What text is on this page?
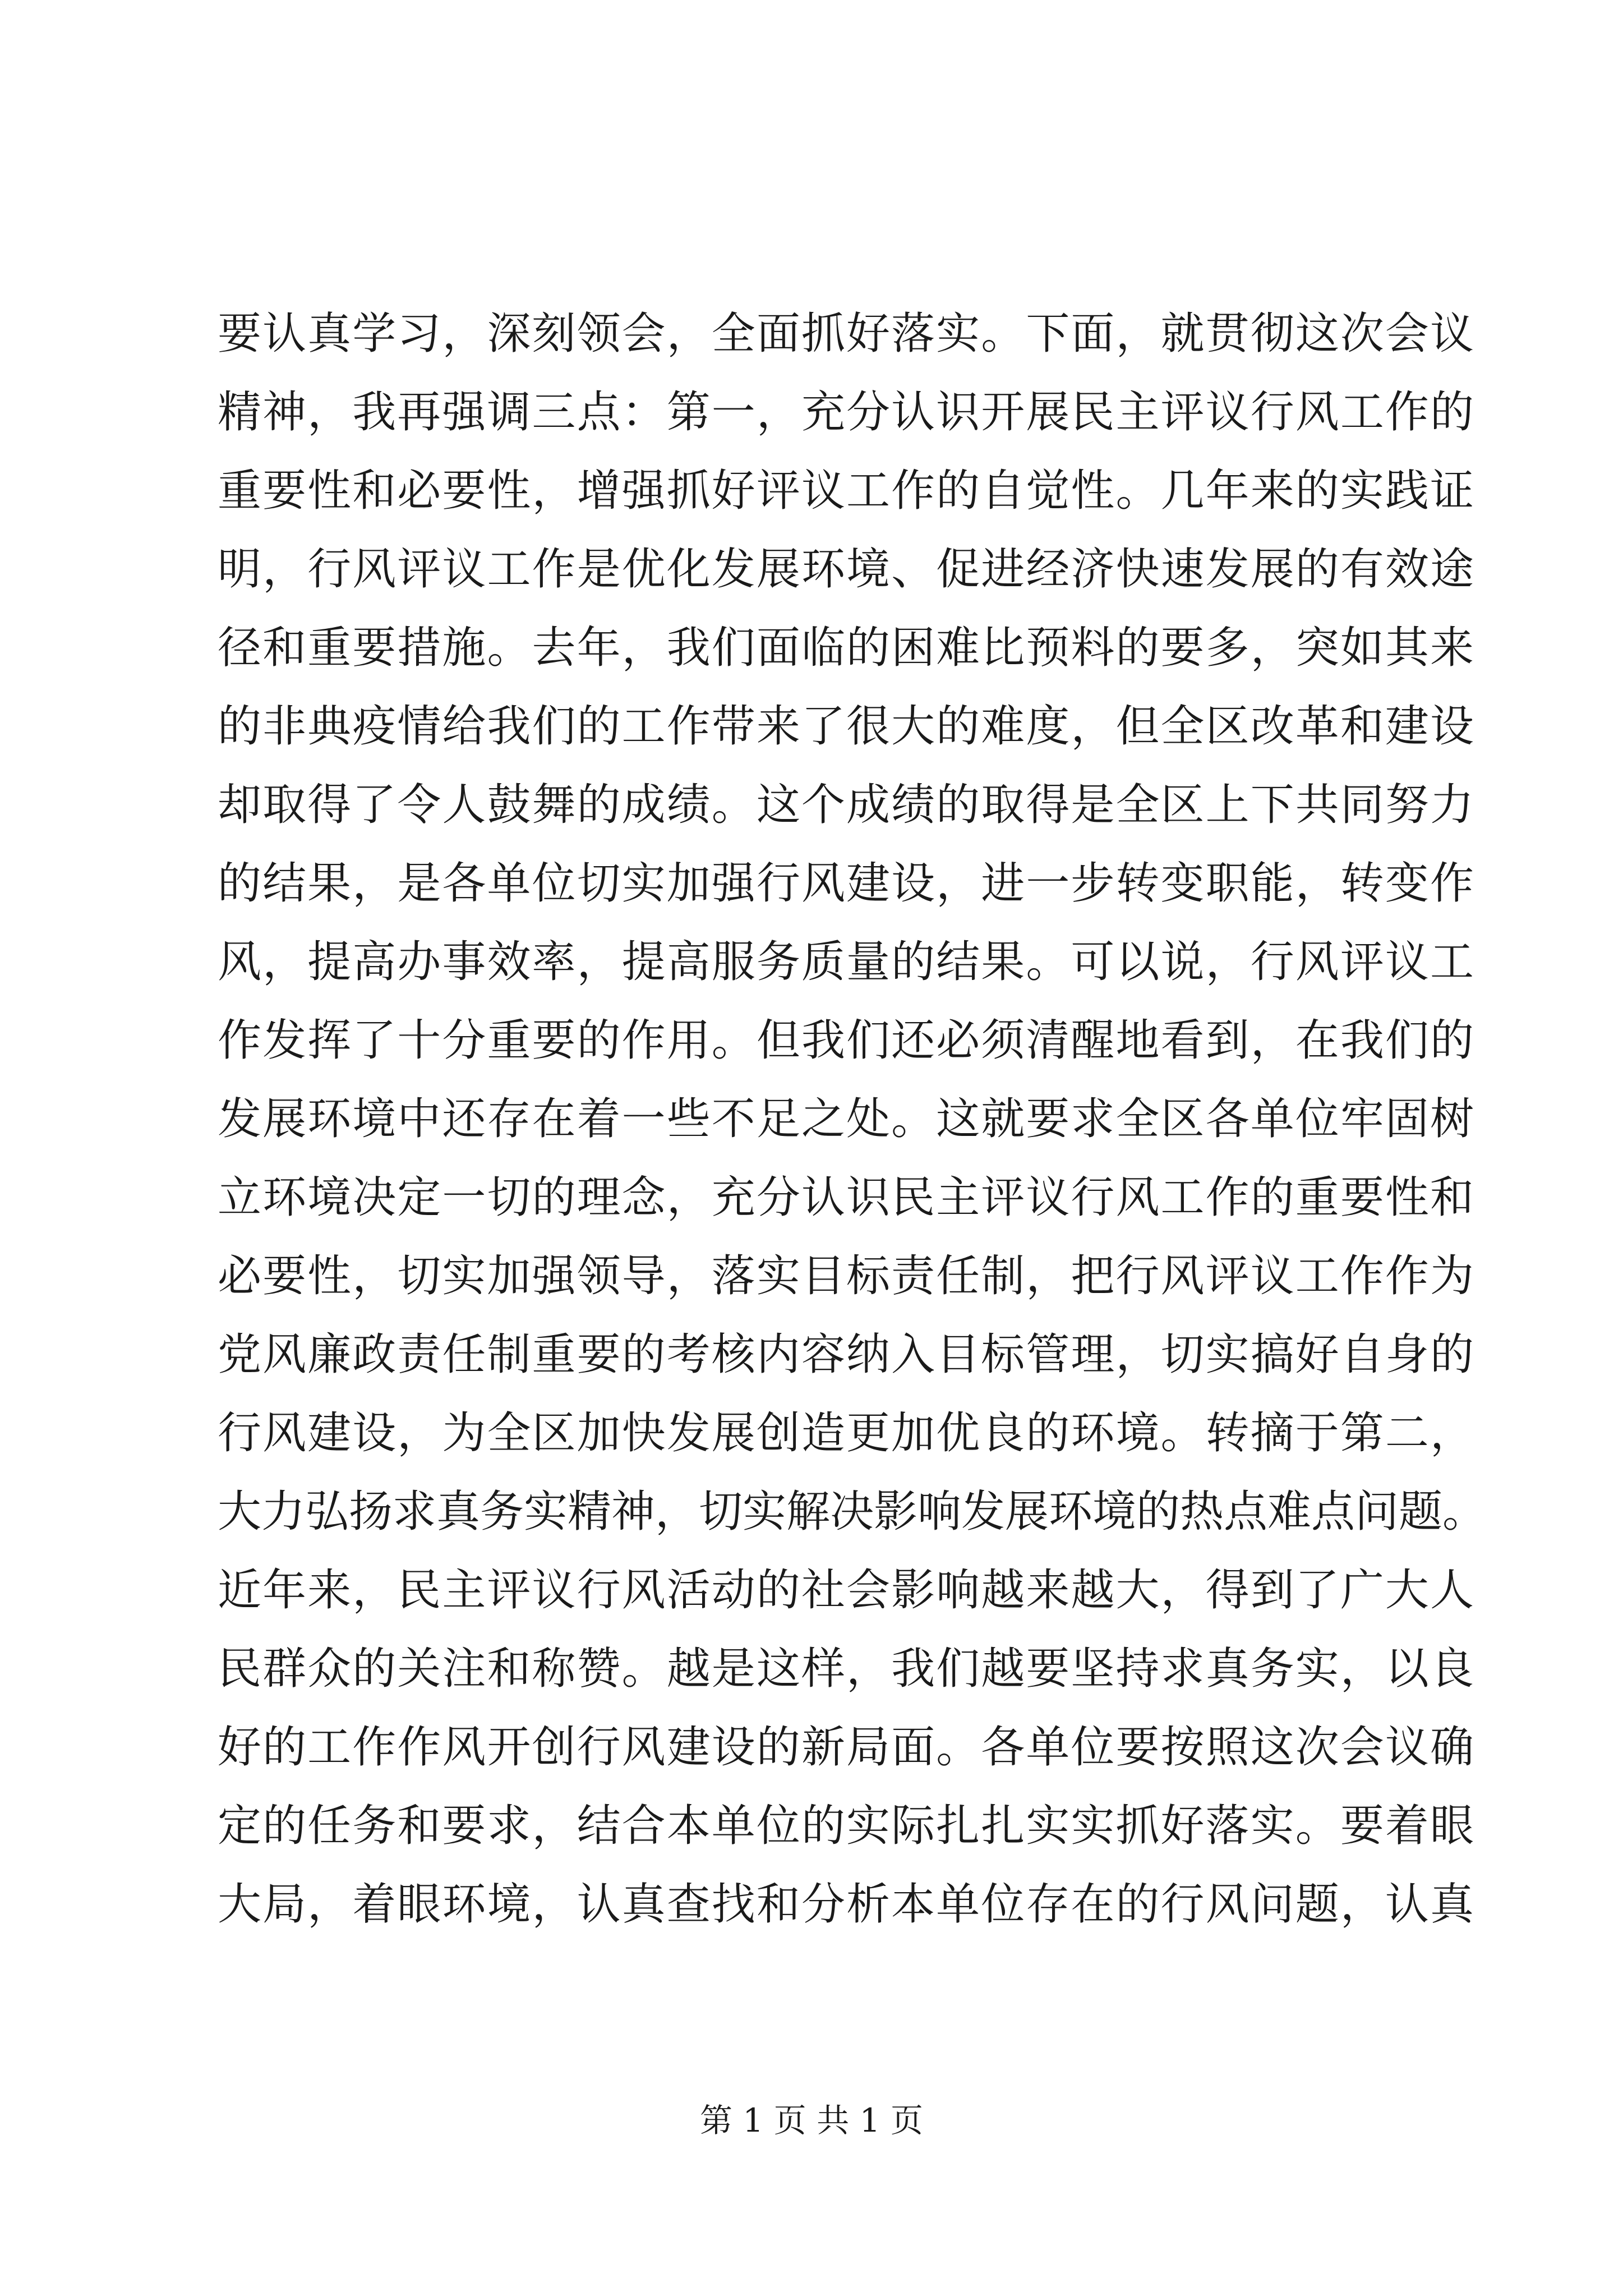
要认真学习，深刻领会，全面抓好落实。下面，就贯彻这次会议
精神，我再强调三点：第一，充分认识开展民主评议行风工作的
重要性和必要性，增强抓好评议工作的自觉性。几年来的实践证
明，行风评议工作是优化发展环境、促进经济快速发展的有效途
径和重要措施。去年，我们面临的困难比预料的要多，突如其来
的非典疫情给我们的工作带来了很大的难度，但全区改革和建设
却取得了令人鼓舞的成绩。这个成绩的取得是全区上下共同努力
的结果，是各单位切实加强行风建设，进一步转变职能，转变作
风，提高办事效率，提高服务质量的结果。可以说，行风评议工
作发挥了十分重要的作用。但我们还必须清醒地看到，在我们的
发展环境中还存在着一些不足之处。这就要求全区各单位牢固树
立环境决定一切的理念，充分认识民主评议行风工作的重要性和
必要性，切实加强领导，落实目标责任制，把行风评议工作作为
党风廉政责任制重要的考核内容纳入目标管理，切实搞好自身的
行风建设，为全区加快发展创造更加优良的环境。转摘于第二，
大力弘扬求真务实精神，切实解决影响发展环境的热点难点问题。
近年来，民主评议行风活动的社会影响越来越大，得到了广大人
民群众的关注和称赞。越是这样，我们越要坚持求真务实，以良
好的工作作风开创行风建设的新局面。各单位要按照这次会议确
定的任务和要求，结合本单位的实际扎扎实实抓好落实。要着眼
大局，着眼环境，认真查找和分析本单位存在的行风问题，认真
第 1 页 共 1 页
